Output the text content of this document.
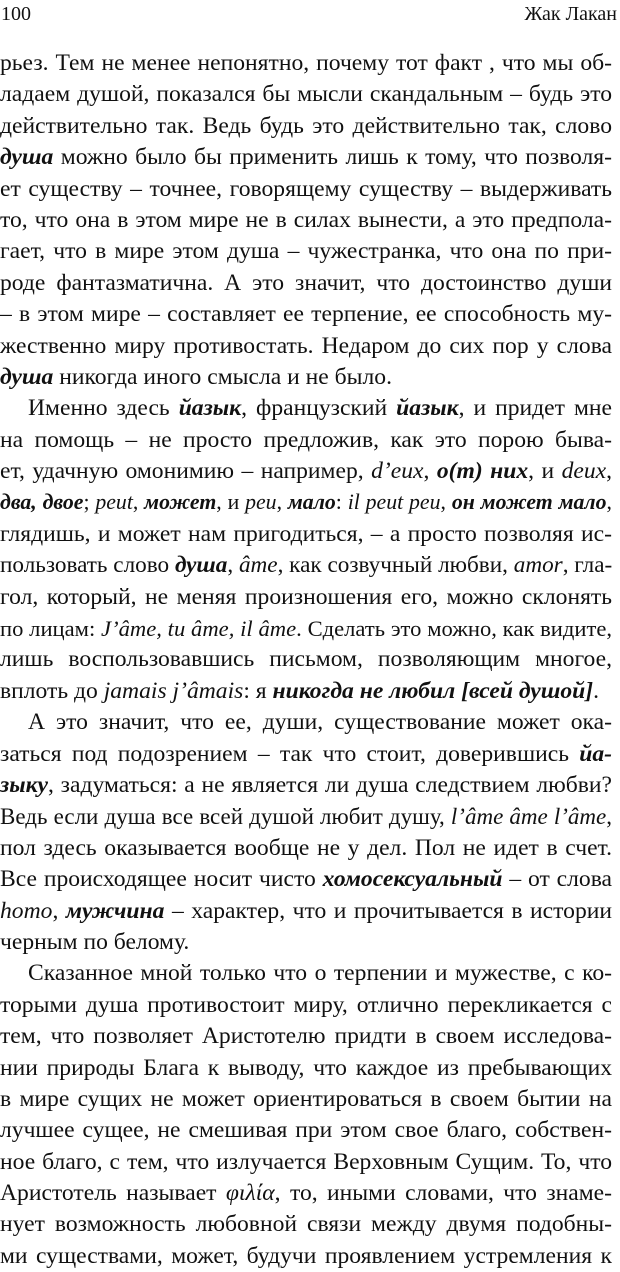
100	Жак Лакан
рьез. Тем не менее непонятно, почему тот факт , что мы об-
ладаем душой, показался бы мысли скандальным – будь это
действительно так. Ведь будь это действительно так, слово
душа можно было бы применить лишь к тому, что позволя-
ет существу – точнее, говорящему существу – выдерживать
то, что она в этом мире не в силах вынести, а это предпола-
гает, что в мире этом душа – чужестранка, что она по при-
роде фантазматична. А это значит, что достоинство души
– в этом мире – составляет ее терпение, ее способность му-
жественно миру противостать. Недаром до сих пор у слова
душа никогда иного смысла и не было.
Именно здесь йазык, французский йазык, и придет мне
на помощь – не просто предложив, как это порою быва-
ет, удачную омонимию – например, d’eux, о(т) них, и deux,
два, двое; peut, может, и peu, мало: il peut peu, он может мало,
глядишь, и может нам пригодиться, – а просто позволяя ис-
пользовать слово душа, âme, как созвучный любви, amor, гла-
гол, который, не меняя произношения его, можно склонять
по лицам: J’âme, tu âme, il âme. Сделать это можно, как видите,
лишь воспользовавшись письмом, позволяющим многое,
вплоть до jamais j’âmais: я никогда не любил [всей душой].
А это значит, что ее, души, существование может ока-
заться под подозрением – так что стоит, доверившись йа-
зыку, задуматься: а не является ли душа следствием любви?
Ведь если душа все всей душой любит душу, l’âme âme l’âme,
пол здесь оказывается вообще не у дел. Пол не идет в счет.
Все происходящее носит чисто хомосексуальный – от слова
homo, мужчина – характер, что и прочитывается в истории
черным по белому.
Сказанное мной только что о терпении и мужестве, с ко-
торыми душа противостоит миру, отлично перекликается с
тем, что позволяет Аристотелю придти в своем исследова-
нии природы Блага к выводу, что каждое из пребывающих
в мире сущих не может ориентироваться в своем бытии на
лучшее сущее, не смешивая при этом свое благо, собствен-
ное благо, с тем, что излучается Верховным Сущим. То, что
Аристотель называет φιλία, то, иными словами, что знаме-
нует возможность любовной связи между двумя подобны-
ми существами, может, будучи проявлением устремления к
